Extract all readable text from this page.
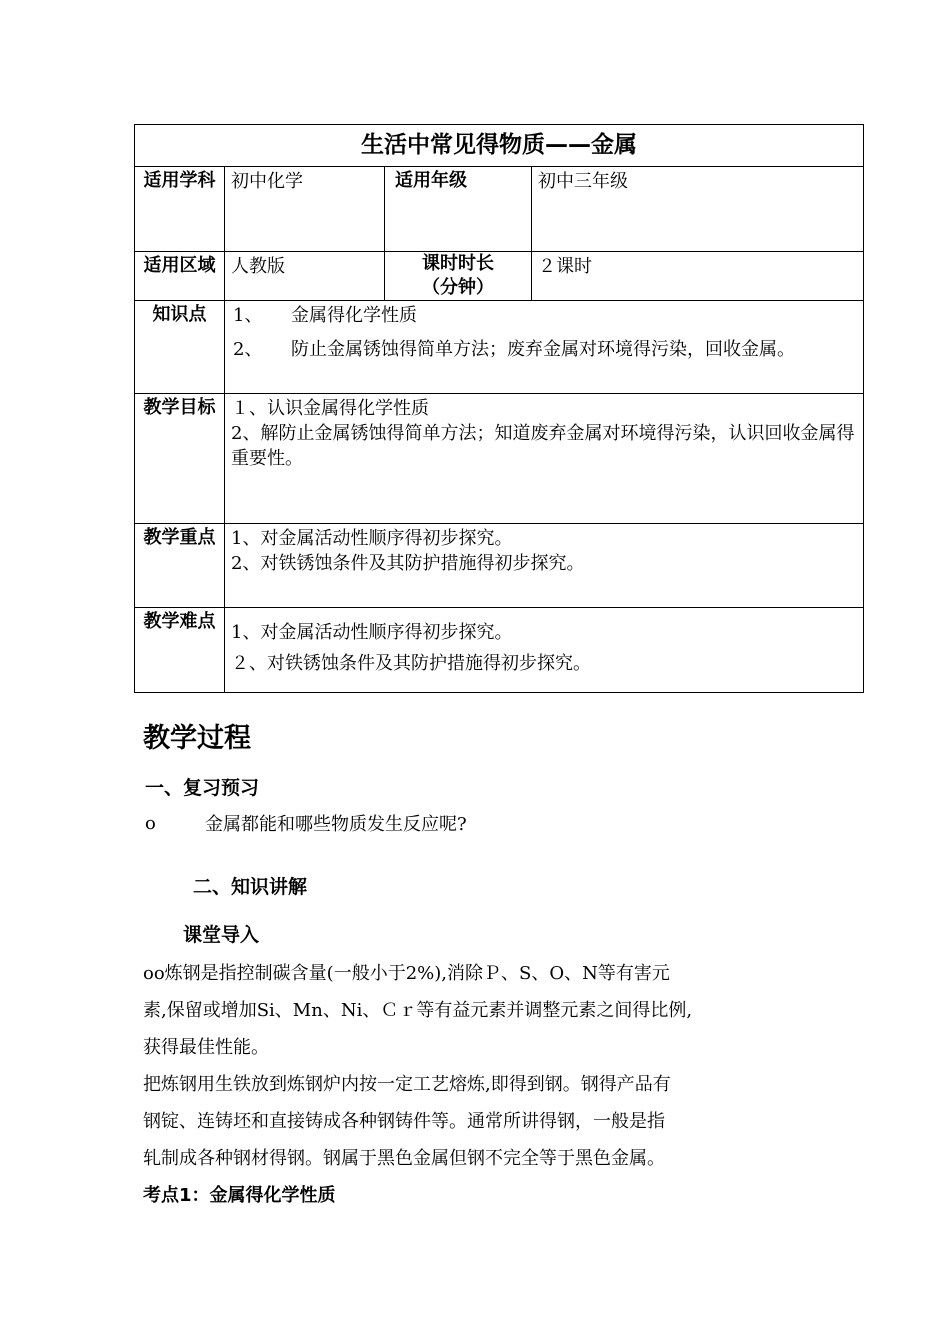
生活中常见得物质——金属			
适用学科	初中化学	适用年级	初中三年级
适用区域	人教版	课时时长（分钟）	２课时
知识点	1、 金属得化学性质

2、 防止金属锈蚀得简单方法；废弃金属对环境得污染，回收金属。		

教学目标	１、认识金属得化学性质

2、解防止金属锈蚀得简单方法；知道废弃金属对环境得污染，认识回收金属得重要性。		

教学重点	1、对金属活动性顺序得初步探究。

2、对铁锈蚀条件及其防护措施得初步探究。		

教学难点	1、对金属活动性顺序得初步探究。

２、对铁锈蚀条件及其防护措施得初步探究。		

教学过程
一、复习预习
o	金属都能和哪些物质发生反应呢?
二、知识讲解
课堂导入
oo炼钢是指控制碳含量(一般小于2%),消除Ｐ、S、O、N等有害元
素,保留或增加Si、Mn、Ni、Ｃｒ等有益元素并调整元素之间得比例,
获得最佳性能。
把炼钢用生铁放到炼钢炉内按一定工艺熔炼,即得到钢。钢得产品有
钢锭、连铸坯和直接铸成各种钢铸件等。通常所讲得钢，一般是指
轧制成各种钢材得钢。钢属于黑色金属但钢不完全等于黑色金属。
考点1：金属得化学性质
